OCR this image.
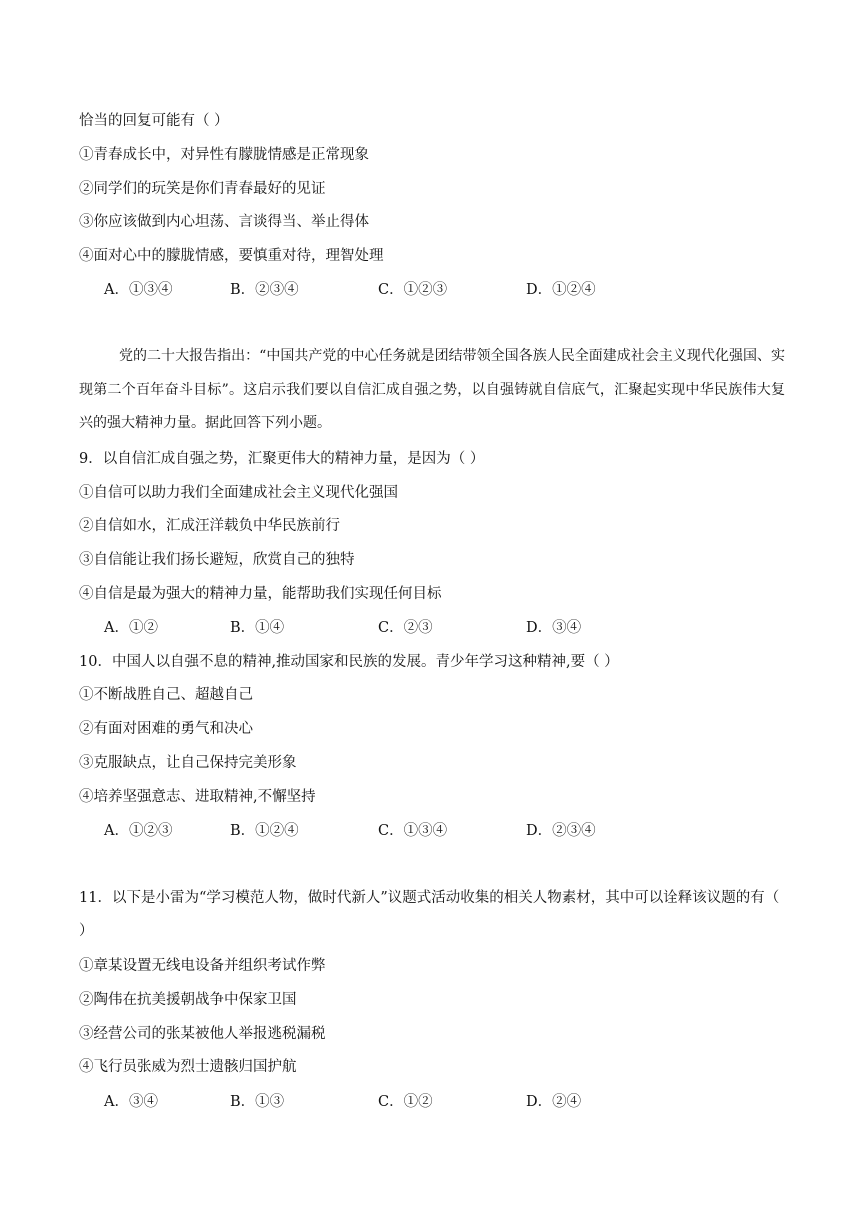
恰当的回复可能有（ ）
①青春成长中，对异性有朦胧情感是正常现象
②同学们的玩笑是你们青春最好的见证
③你应该做到内心坦荡、言谈得当、举止得体
④面对心中的朦胧情感，要慎重对待，理智处理
A．①③④	B．②③④	C．①②③	D．①②④
党的二十大报告指出：“中国共产党的中心任务就是团结带领全国各族人民全面建成社会主义现代化强国、实现第二个百年奋斗目标”。这启示我们要以自信汇成自强之势，以自强铸就自信底气，汇聚起实现中华民族伟大复兴的强大精神力量。据此回答下列小题。
9．以自信汇成自强之势，汇聚更伟大的精神力量，是因为（ ）
①自信可以助力我们全面建成社会主义现代化强国
②自信如水，汇成汪洋载负中华民族前行
③自信能让我们扬长避短，欣赏自己的独特
④自信是最为强大的精神力量，能帮助我们实现任何目标
A．①②	B．①④	C．②③	D．③④
10．中国人以自强不息的精神,推动国家和民族的发展。青少年学习这种精神,要（ ）
①不断战胜自己、超越自己
②有面对困难的勇气和决心
③克服缺点，让自己保持完美形象
④培养坚强意志、进取精神,不懈坚持
A．①②③	B．①②④	C．①③④	D．②③④
11．以下是小雷为“学习模范人物，做时代新人”议题式活动收集的相关人物素材，其中可以诠释该议题的有（ ）
①章某设置无线电设备并组织考试作弊
②陶伟在抗美援朝战争中保家卫国
③经营公司的张某被他人举报逃税漏税
④飞行员张威为烈士遗骸归国护航
A．③④	B．①③	C．①②	D．②④
